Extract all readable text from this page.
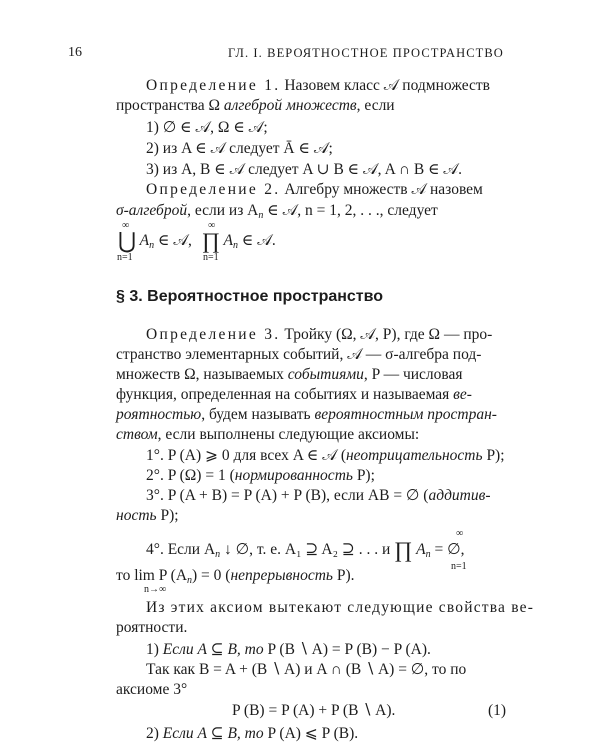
16	ГЛ. I. ВЕРОЯТНОСТНОЕ ПРОСТРАНСТВО
Определение 1. Назовем класс 𝒜 подмножеств
пространства Ω алгеброй множеств, если
1) ∅ ∈ 𝒜, Ω ∈ 𝒜;
2) из A ∈ 𝒜 следует Ā ∈ 𝒜;
3) из A, B ∈ 𝒜 следует A ∪ B ∈ 𝒜, A ∩ B ∈ 𝒜.
Определение 2. Алгебру множеств 𝒜 назовем
σ-алгеброй, если из $A_n$ ∈ 𝒜, n = 1, 2, . . ., следует
∞
⋃ $A_n$ ∈ 𝒜, ∏ $A_n$ ∈ 𝒜.
n=1
∞
n=1
§ 3. Вероятностное пространство
Определение 3. Тройку (Ω, 𝒜, P), где Ω — про-
странство элементарных событий, 𝒜 — σ-алгебра под-
множеств Ω, называемых событиями, P — числовая
функция, определенная на событиях и называемая ве-
роятностью, будем называть вероятностным простран-
ством, если выполнены следующие аксиомы:
1°. P (A) ⩾ 0 для всех A ∈ 𝒜 (неотрицательность P);
2°. P (Ω) = 1 (нормированность P);
3°. P (A + B) = P (A) + P (B), если AB = ∅ (аддитив-
ность P);
∞
4°. Если $A_n$ ↓ ∅, т. е. A₁ ⊇ A₂ ⊇ . . . и ∏ $A_n$ = ∅,
n=1
то lim P $(A_n) = 0$ (непрерывность P).
n→∞
Из этих аксиом вытекают следующие свойства ве-
роятности.
1) Если A ⊆ B, то P (B ∖ A) = P (B) − P (A).
Так как B = A + (B ∖ A) и A ∩ (B ∖ A) = ∅, то по
аксиоме 3°
P (B) = P (A) + P (B ∖ A).	(1)
2) Если A ⊆ B, то P (A) ⩽ P (B).
